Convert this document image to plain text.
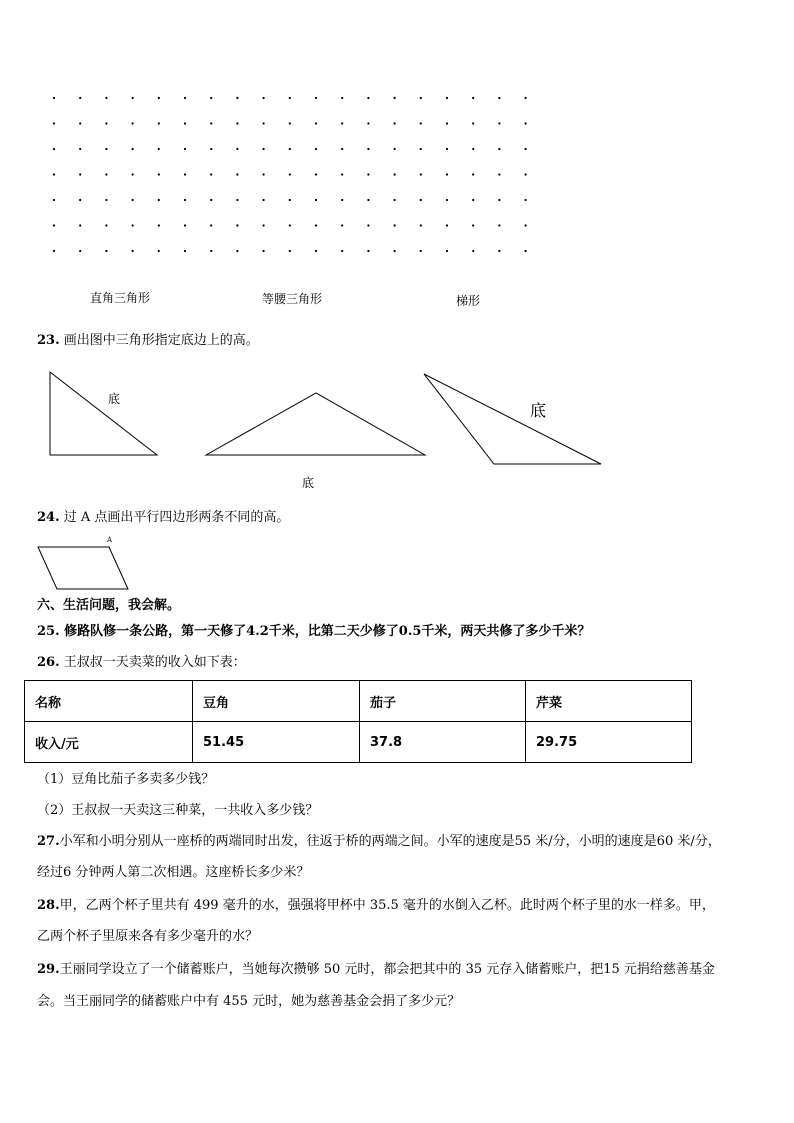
直角三角形	等腰三角形	梯形
23. 画出图中三角形指定底边上的高。
底
底
底
24. 过 A 点画出平行四边形两条不同的高。
A
六、生活问题，我会解。
25. 修路队修一条公路，第一天修了4.2千米，比第二天少修了0.5千米，两天共修了多少千米？
26. 王叔叔一天卖菜的收入如下表：
名称	豆角	茄子	芹菜
收入/元	51.45	37.8	29.75
（1）豆角比茄子多卖多少钱？
（2）王叔叔一天卖这三种菜，一共收入多少钱？
27.小军和小明分别从一座桥的两端同时出发，往返于桥的两端之间。小军的速度是55 米/分，小明的速度是60 米/分，
经过6 分钟两人第二次相遇。这座桥长多少米？
28.甲，乙两个杯子里共有 499 毫升的水，强强将甲杯中 35.5 毫升的水倒入乙杯。此时两个杯子里的水一样多。甲，
乙两个杯子里原来各有多少毫升的水？
29.王丽同学设立了一个储蓄账户，当她每次攒够 50 元时，都会把其中的 35 元存入储蓄账户，把15 元捐给慈善基金
会。当王丽同学的储蓄账户中有 455 元时，她为慈善基金会捐了多少元？
